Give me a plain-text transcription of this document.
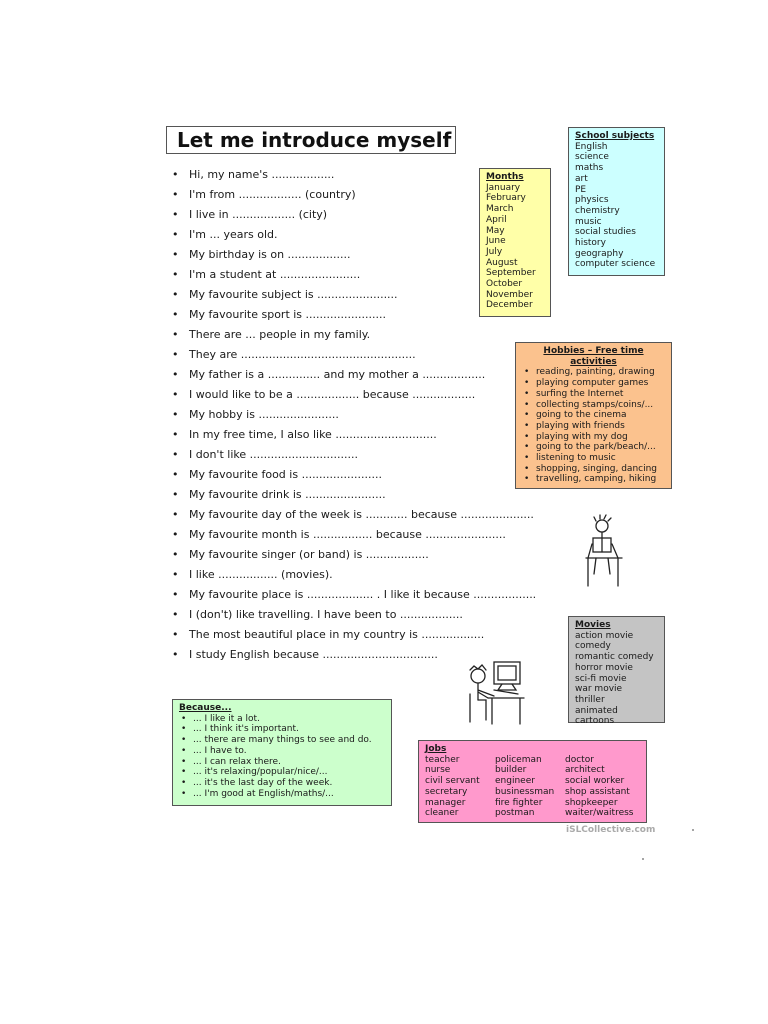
Let me introduce myself
• Hi, my name's ..................
• I'm from .................. (country)
• I live in .................. (city)
• I'm ... years old.
• My birthday is on ..................
• I'm a student at .......................
• My favourite subject is .......................
• My favourite sport is .......................
• There are ... people in my family.
• They are ..................................................
• My father is a ............... and my mother a ..................
• I would like to be a .................. because ..................
• My hobby is .......................
• In my free time, I also like .............................
• I don't like ...............................
• My favourite food is .......................
• My favourite drink is .......................
• My favourite day of the week is ............ because .....................
• My favourite month is ................. because .......................
• My favourite singer (or band) is ..................
• I like ................. (movies).
• My favourite place is ................... . I like it because ..................
• I (don't) like travelling. I have been to ..................
• The most beautiful place in my country is ..................
• I study English because .................................
Months
January
February
March
April
May
June
July
August
September
October
November
December
School subjects
English
science
maths
art
PE
physics
chemistry
music
social studies
history
geography
computer science
Hobbies – Free time activities
• reading, painting, drawing
• playing computer games
• surfing the Internet
• collecting stamps/coins/...
• going to the cinema
• playing with friends
• playing with my dog
• going to the park/beach/...
• listening to music
• shopping, singing, dancing
• travelling, camping, hiking
Movies
action movie
comedy
romantic comedy
horror movie
sci-fi movie
war movie
thriller
animated cartoons
Because...
• ... I like it a lot.
• ... I think it's important.
• ... there are many things to see and do.
• ... I have to.
• ... I can relax there.
• ... it's relaxing/popular/nice/...
• ... it's the last day of the week.
• ... I'm good at English/maths/...
Jobs
teacher
nurse
civil servant
secretary
manager
cleaner
policeman
builder
engineer
businessman
fire fighter
postman
doctor
architect
social worker
shop assistant
shopkeeper
waiter/waitress
iSLCollective.com
